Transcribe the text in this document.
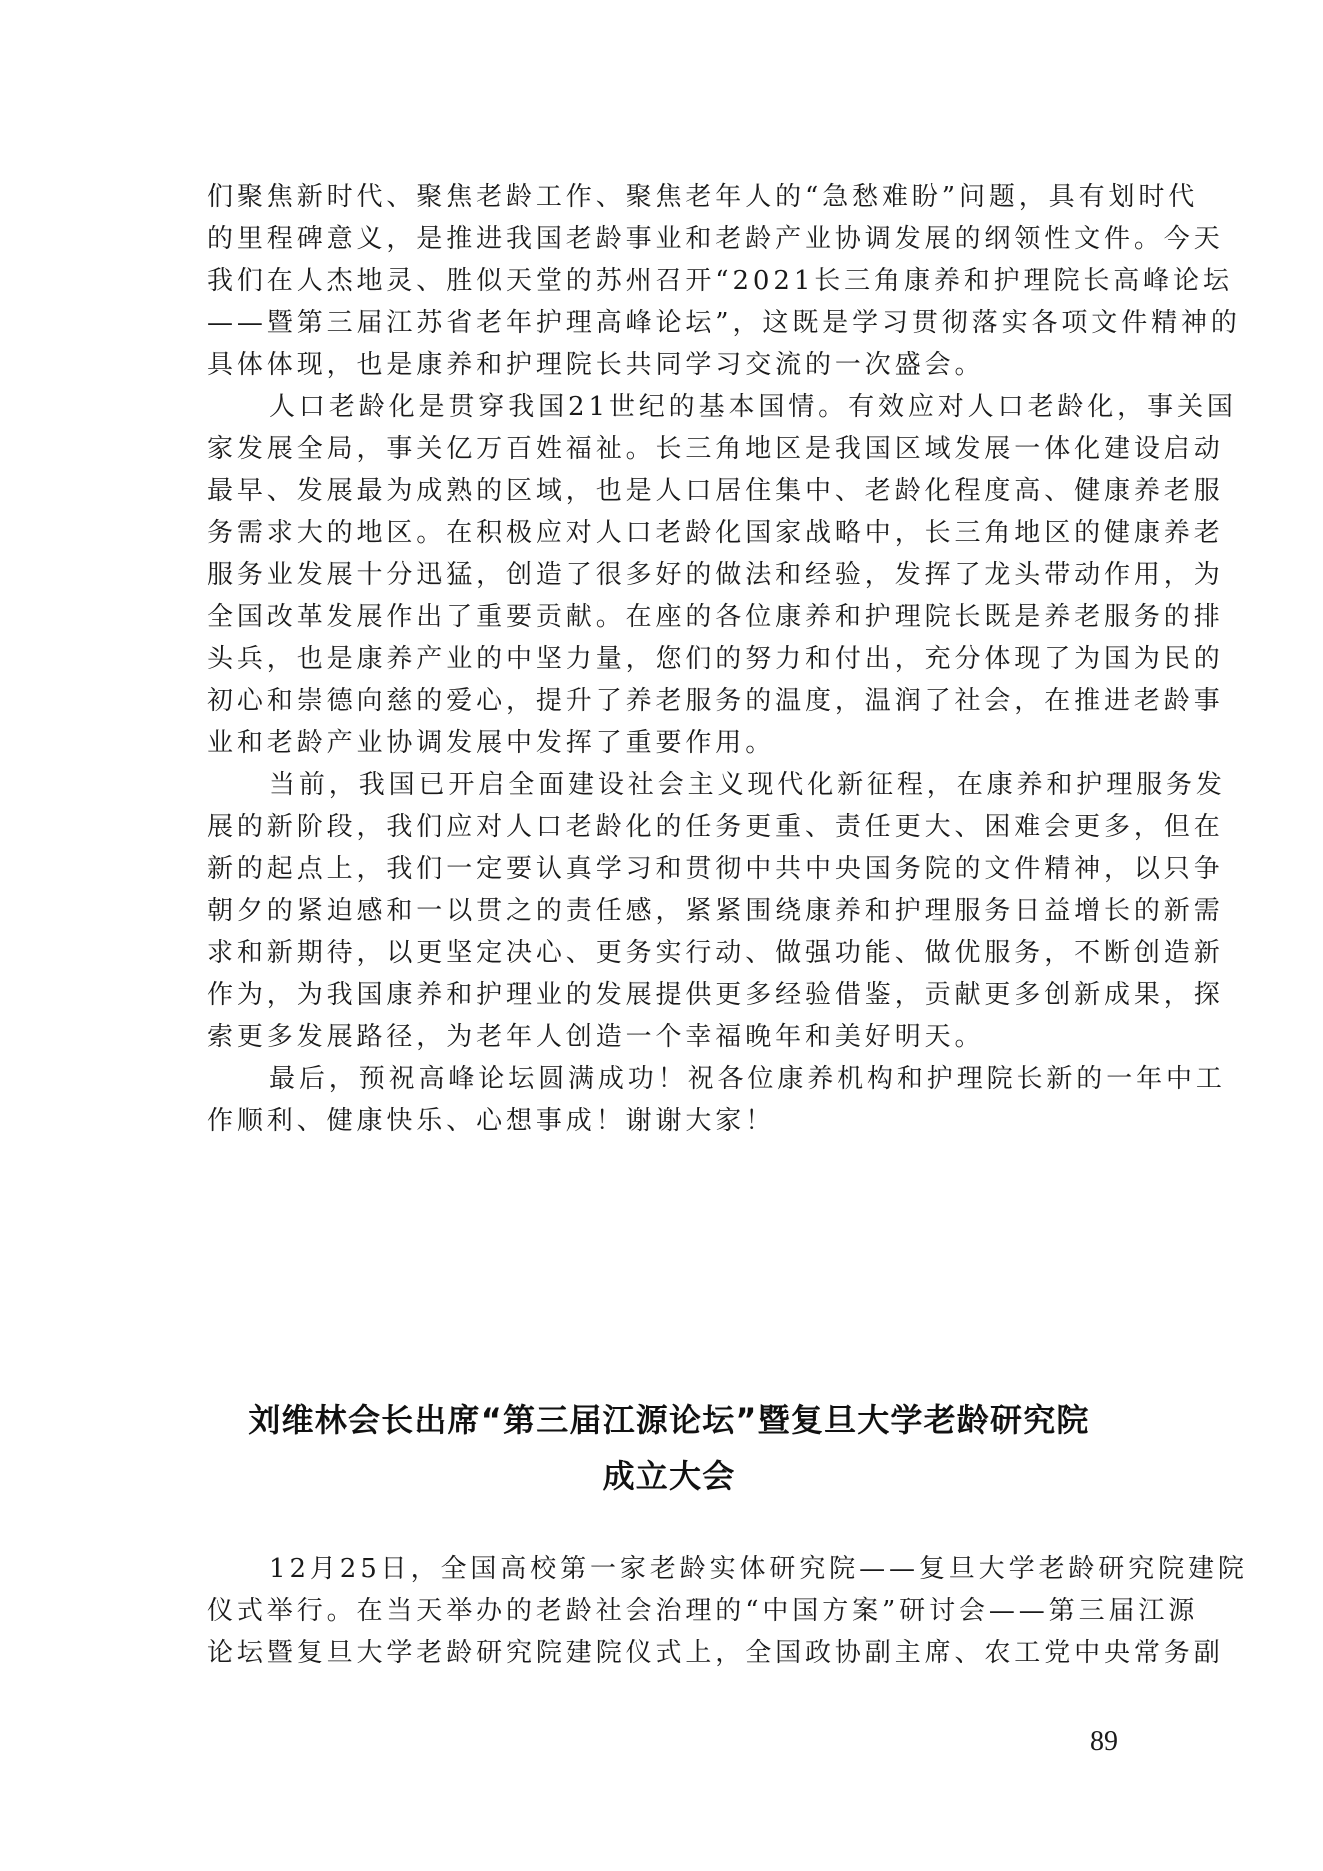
们聚焦新时代、聚焦老龄工作、聚焦老年人的“急愁难盼”问题，具有划时代
的里程碑意义，是推进我国老龄事业和老龄产业协调发展的纲领性文件。今天
我们在人杰地灵、胜似天堂的苏州召开“2021长三角康养和护理院长高峰论坛
——暨第三届江苏省老年护理高峰论坛”，这既是学习贯彻落实各项文件精神的
具体体现，也是康养和护理院长共同学习交流的一次盛会。

人口老龄化是贯穿我国21世纪的基本国情。有效应对人口老龄化，事关国
家发展全局，事关亿万百姓福祉。长三角地区是我国区域发展一体化建设启动
最早、发展最为成熟的区域，也是人口居住集中、老龄化程度高、健康养老服
务需求大的地区。在积极应对人口老龄化国家战略中，长三角地区的健康养老
服务业发展十分迅猛，创造了很多好的做法和经验，发挥了龙头带动作用，为
全国改革发展作出了重要贡献。在座的各位康养和护理院长既是养老服务的排
头兵，也是康养产业的中坚力量，您们的努力和付出，充分体现了为国为民的
初心和崇德向慈的爱心，提升了养老服务的温度，温润了社会，在推进老龄事
业和老龄产业协调发展中发挥了重要作用。

当前，我国已开启全面建设社会主义现代化新征程，在康养和护理服务发
展的新阶段，我们应对人口老龄化的任务更重、责任更大、困难会更多，但在
新的起点上，我们一定要认真学习和贯彻中共中央国务院的文件精神，以只争
朝夕的紧迫感和一以贯之的责任感，紧紧围绕康养和护理服务日益增长的新需
求和新期待，以更坚定决心、更务实行动、做强功能、做优服务，不断创造新
作为，为我国康养和护理业的发展提供更多经验借鉴，贡献更多创新成果，探
索更多发展路径，为老年人创造一个幸福晚年和美好明天。

最后，预祝高峰论坛圆满成功！祝各位康养机构和护理院长新的一年中工
作顺利、健康快乐、心想事成！谢谢大家！

刘维林会长出席“第三届江源论坛”暨复旦大学老龄研究院
成立大会

12月25日，全国高校第一家老龄实体研究院——复旦大学老龄研究院建院
仪式举行。在当天举办的老龄社会治理的“中国方案”研讨会——第三届江源
论坛暨复旦大学老龄研究院建院仪式上，全国政协副主席、农工党中央常务副

89
